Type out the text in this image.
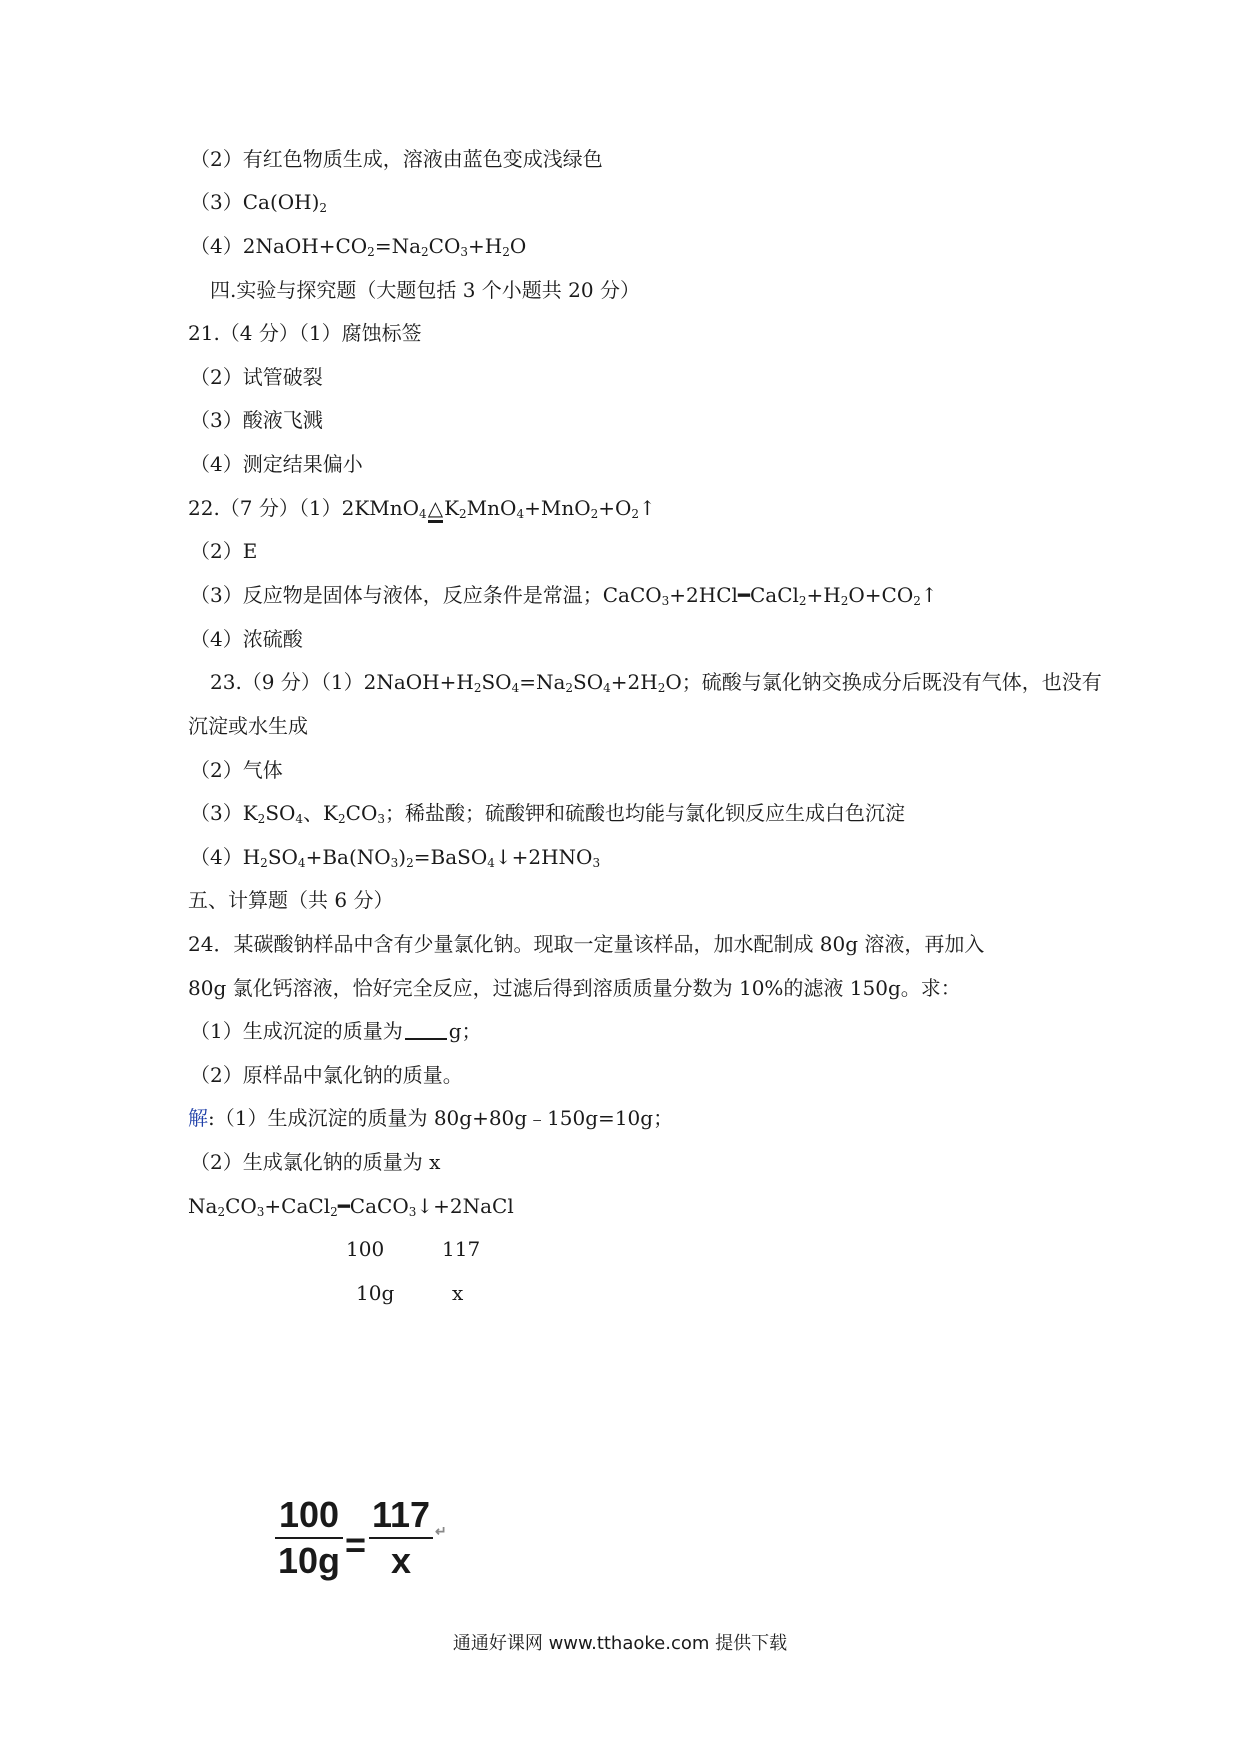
（2）有红色物质生成，溶液由蓝色变成浅绿色
$(3)Ca(OH)_2$
$(4)2NaOH+CO_2=Na_2CO_3+H_2O$
四.实验与探究题（大题包括 3 个小题共 20 分）
21.（4 分）（1）腐蚀标签
（2）试管破裂
（3）酸液飞溅
（4）测定结果偏小
22.（7 分）（1）2KMnO$_4$△
$K_2MnO_4+MnO_2+O_2↑$
（2）E
（3）反应物是固体与液体，反应条件是常温；$CaCO_3+2HCl━CaCl_2+H_2O+CO_2↑$
（4）浓硫酸
23.（9 分）$(1)2NaOH+H_2SO_4=Na_2SO_4+2H_2O$；硫酸与氯化钠交换成分后既没有气体，也没有
沉淀或水生成
（2）气体
$(3)K_2SO_4$、$K_2CO_3$；稀盐酸；硫酸钾和硫酸也均能与氯化钡反应生成白色沉淀
$(4)H_2SO_4+Ba(NO_3)_2=BaSO_4↓+2HNO_3$
五、计算题（共 6 分）
24．某碳酸钠样品中含有少量氯化钠。现取一定量该样品，加水配制成 80g 溶液，再加入
80g 氯化钙溶液，恰好完全反应，过滤后得到溶质质量分数为 10%的滤液 150g。求：
（1）生成沉淀的质量为 g；
（2）原样品中氯化钠的质量。
解:（1）生成沉淀的质量为 80g+80g﹣150g=10g；
（2）生成氯化钠的质量为 x
$Na_2CO_3+CaCl_2━CaCO_3↓+2NaCl$
100	117
10g	x
100
10g =
117
x
↵
通通好课网 www.tthaoke.com 提供下载
